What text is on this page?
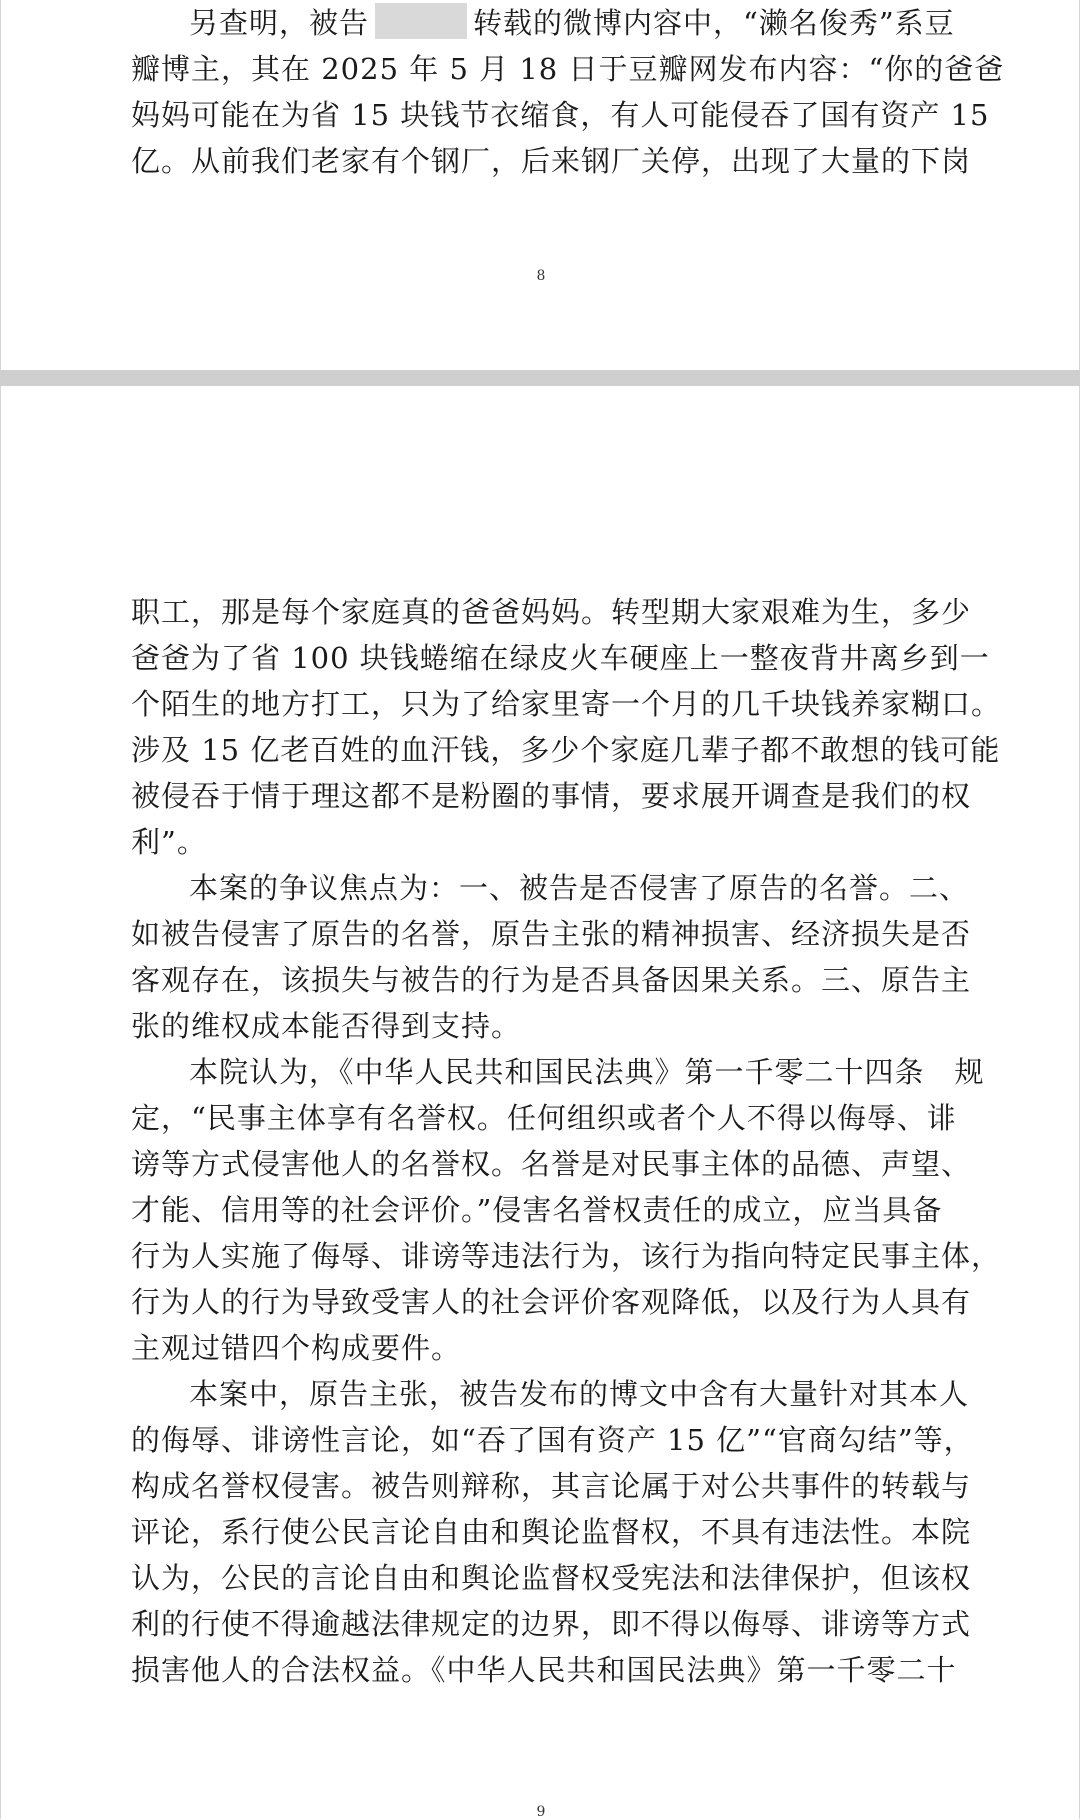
另查明，被告	转载的微博内容中，“濑名俊秀”系豆
瓣博主，其在 2025 年 5 月 18 日于豆瓣网发布内容：“你的爸爸
妈妈可能在为省 15 块钱节衣缩食，有人可能侵吞了国有资产 15
亿。从前我们老家有个钢厂，后来钢厂关停，出现了大量的下岗
8
职工，那是每个家庭真的爸爸妈妈。转型期大家艰难为生，多少
爸爸为了省 100 块钱蜷缩在绿皮火车硬座上一整夜背井离乡到一
个陌生的地方打工，只为了给家里寄一个月的几千块钱养家糊口。
涉及 15 亿老百姓的血汗钱，多少个家庭几辈子都不敢想的钱可能
被侵吞于情于理这都不是粉圈的事情，要求展开调查是我们的权
利”。
本案的争议焦点为：一、被告是否侵害了原告的名誉。二、
如被告侵害了原告的名誉，原告主张的精神损害、经济损失是否
客观存在，该损失与被告的行为是否具备因果关系。三、原告主
张的维权成本能否得到支持。
本院认为，《中华人民共和国民法典》第一千零二十四条　规
定，“民事主体享有名誉权。任何组织或者个人不得以侮辱、诽
谤等方式侵害他人的名誉权。名誉是对民事主体的品德、声望、
才能、信用等的社会评价。”侵害名誉权责任的成立，应当具备
行为人实施了侮辱、诽谤等违法行为，该行为指向特定民事主体，
行为人的行为导致受害人的社会评价客观降低，以及行为人具有
主观过错四个构成要件。
本案中，原告主张，被告发布的博文中含有大量针对其本人
的侮辱、诽谤性言论，如“吞了国有资产 15 亿”“官商勾结”等，
构成名誉权侵害。被告则辩称，其言论属于对公共事件的转载与
评论，系行使公民言论自由和舆论监督权，不具有违法性。本院
认为，公民的言论自由和舆论监督权受宪法和法律保护，但该权
利的行使不得逾越法律规定的边界，即不得以侮辱、诽谤等方式
损害他人的合法权益。《中华人民共和国民法典》第一千零二十
9
